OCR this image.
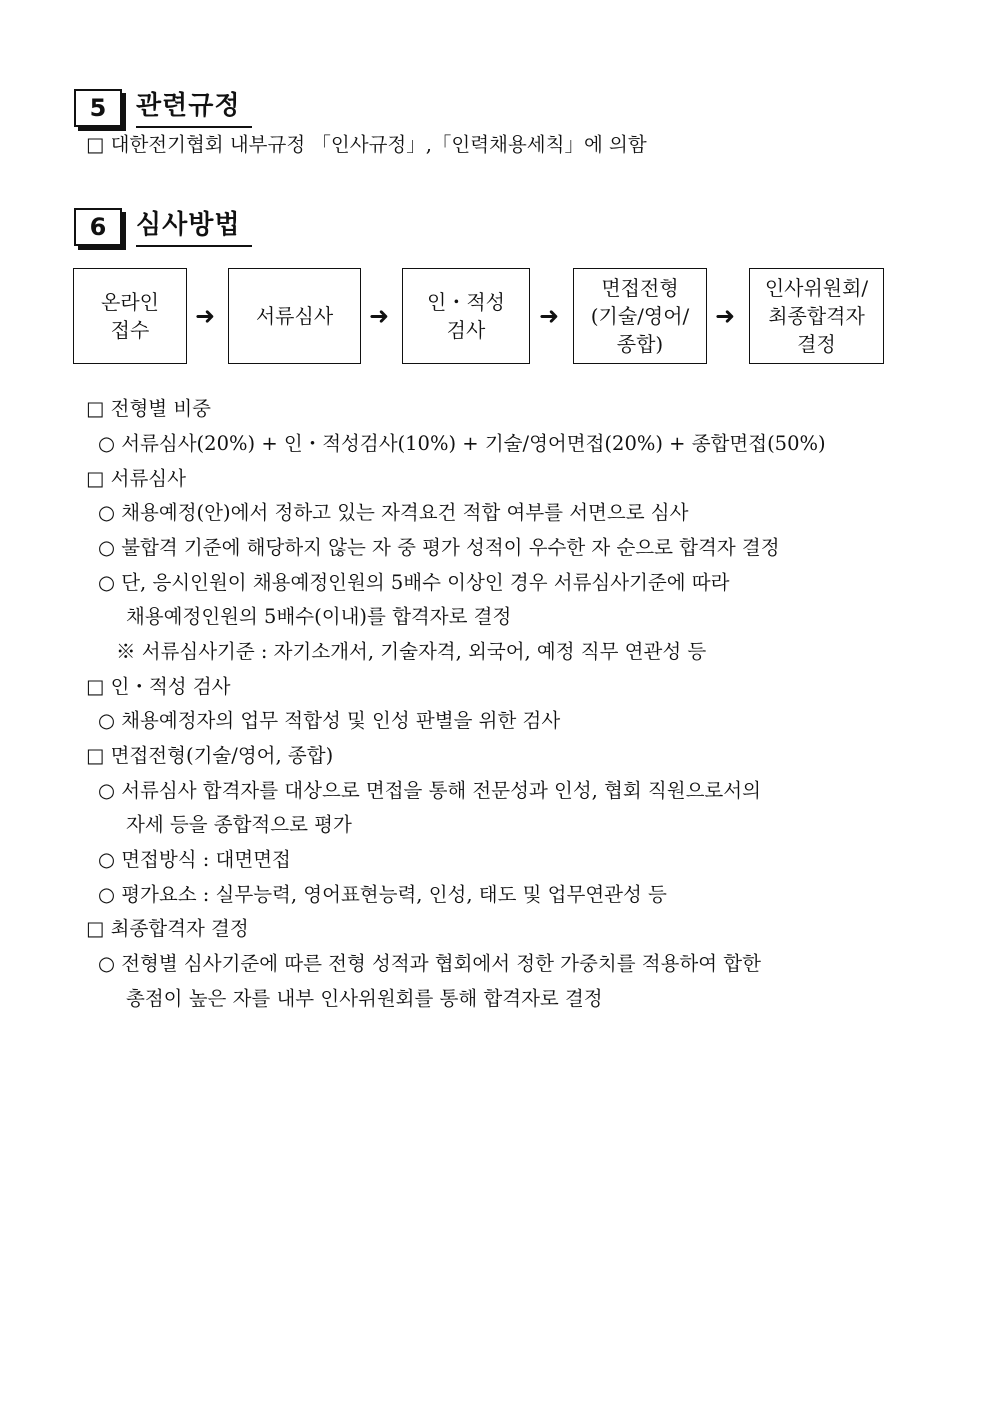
5	관련규정
□ 대한전기협회 내부규정 「인사규정」,「인력채용세칙」에 의함
6	심사방법
온라인
접수	➜ 서류심사 ➜ 인・적성
검사	➜
면접전형
(기술/영어/
종합)
➜
인사위원회/
최종합격자
결정
□ 전형별 비중
○ 서류심사(20%) + 인・적성검사(10%) + 기술/영어면접(20%) + 종합면접(50%)
□ 서류심사
○ 채용예정(안)에서 정하고 있는 자격요건 적합 여부를 서면으로 심사
○ 불합격 기준에 해당하지 않는 자 중 평가 성적이 우수한 자 순으로 합격자 결정
○ 단, 응시인원이 채용예정인원의 5배수 이상인 경우 서류심사기준에 따라
채용예정인원의 5배수(이내)를 합격자로 결정
※ 서류심사기준 : 자기소개서, 기술자격, 외국어, 예정 직무 연관성 등
□ 인・적성 검사
○ 채용예정자의 업무 적합성 및 인성 판별을 위한 검사
□ 면접전형(기술/영어, 종합)
○ 서류심사 합격자를 대상으로 면접을 통해 전문성과 인성, 협회 직원으로서의
자세 등을 종합적으로 평가
○ 면접방식 : 대면면접
○ 평가요소 : 실무능력, 영어표현능력, 인성, 태도 및 업무연관성 등
□ 최종합격자 결정
○ 전형별 심사기준에 따른 전형 성적과 협회에서 정한 가중치를 적용하여 합한
총점이 높은 자를 내부 인사위원회를 통해 합격자로 결정
